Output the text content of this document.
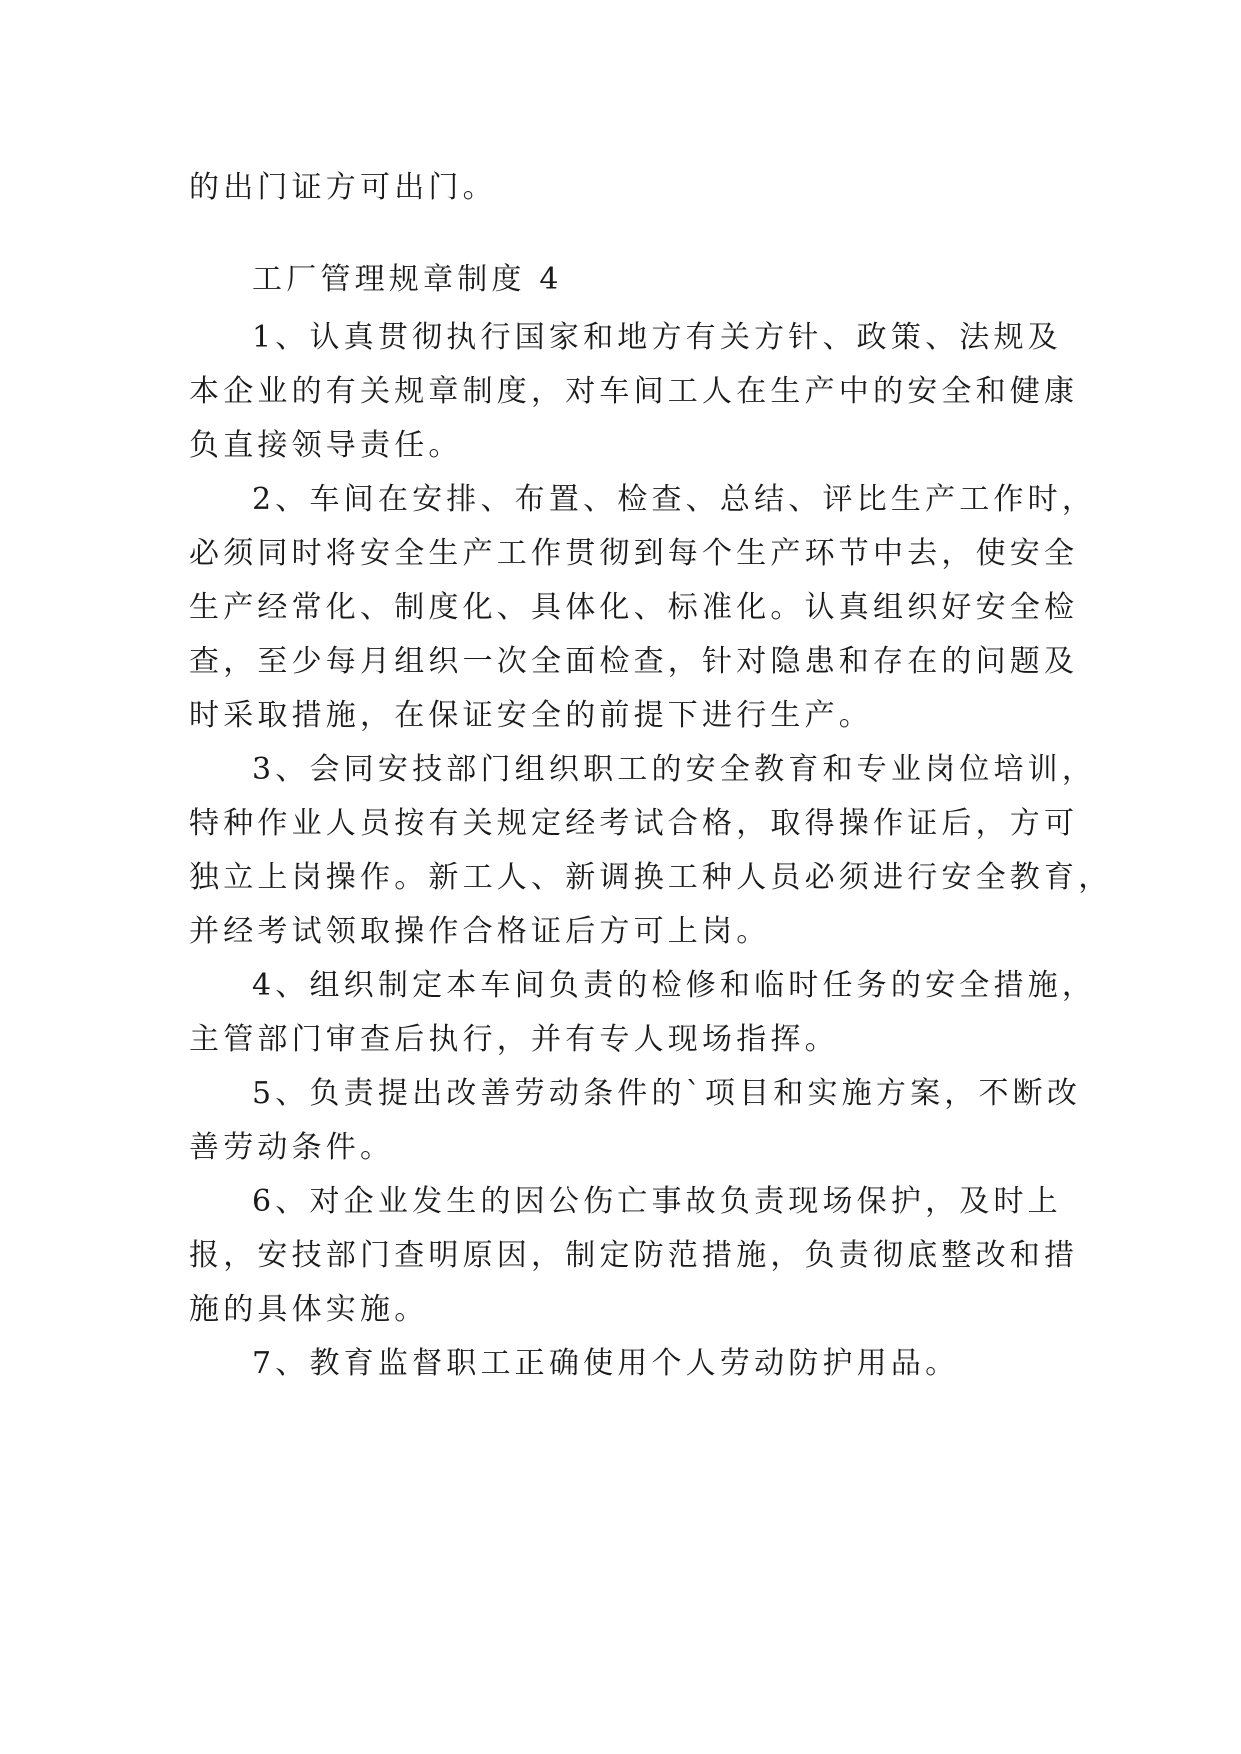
的出门证方可出门。
工厂管理规章制度 4
1、认真贯彻执行国家和地方有关方针、政策、法规及
本企业的有关规章制度，对车间工人在生产中的安全和健康
负直接领导责任。
2、车间在安排、布置、检查、总结、评比生产工作时，
必须同时将安全生产工作贯彻到每个生产环节中去，使安全
生产经常化、制度化、具体化、标准化。认真组织好安全检
查，至少每月组织一次全面检查，针对隐患和存在的问题及
时采取措施，在保证安全的前提下进行生产。
3、会同安技部门组织职工的安全教育和专业岗位培训，
特种作业人员按有关规定经考试合格，取得操作证后，方可
独立上岗操作。新工人、新调换工种人员必须进行安全教育，
并经考试领取操作合格证后方可上岗。
4、组织制定本车间负责的检修和临时任务的安全措施，
主管部门审查后执行，并有专人现场指挥。
5、负责提出改善劳动条件的`项目和实施方案，不断改
善劳动条件。
6、对企业发生的因公伤亡事故负责现场保护，及时上
报，安技部门查明原因，制定防范措施，负责彻底整改和措
施的具体实施。
7、教育监督职工正确使用个人劳动防护用品。
